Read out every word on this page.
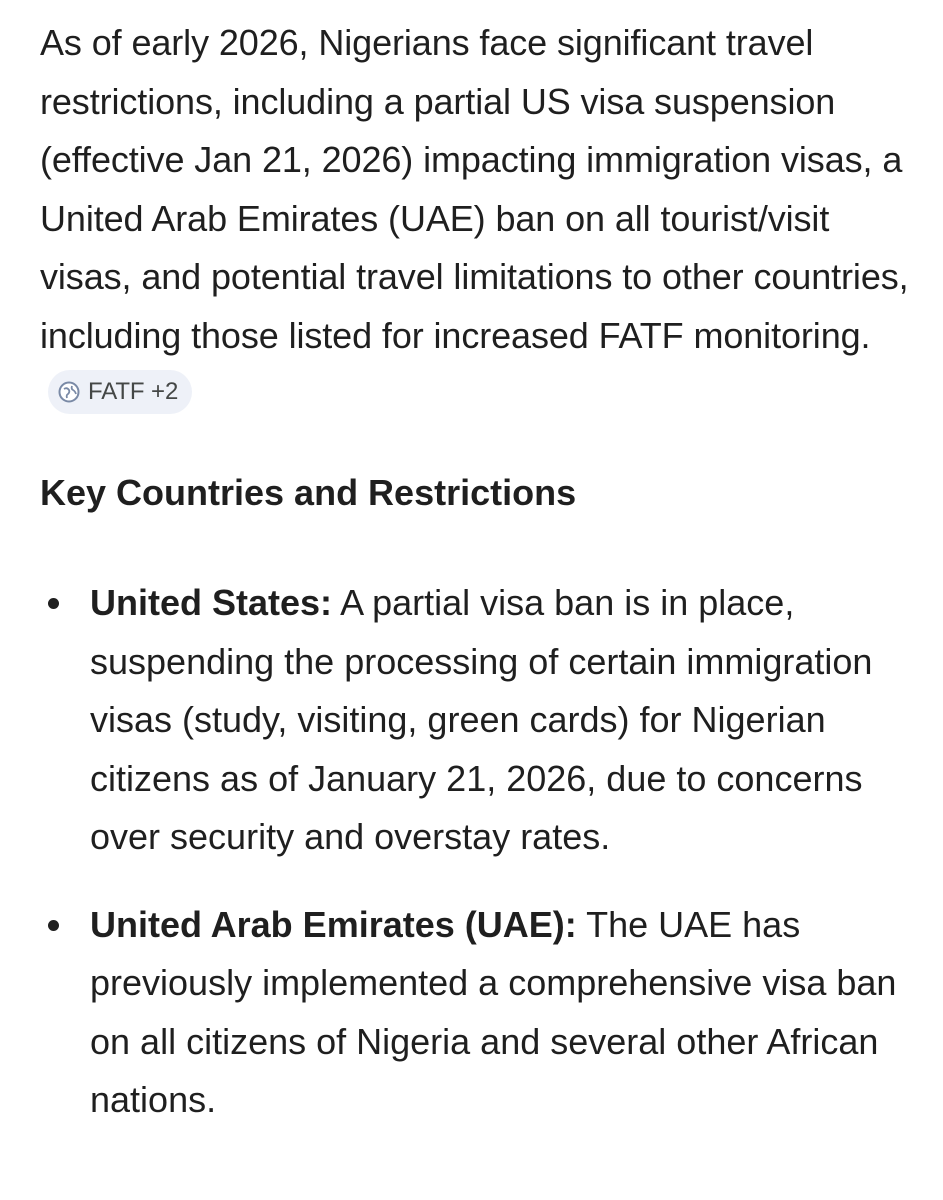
As of early 2026, Nigerians face significant travel restrictions, including a partial US visa suspension (effective Jan 21, 2026) impacting immigration visas, a United Arab Emirates (UAE) ban on all tourist/visit visas, and potential travel limitations to other countries, including those listed for increased FATF monitoring.
FATF +2

Key Countries and Restrictions
United States: A partial visa ban is in place, suspending the processing of certain immigration visas (study, visiting, green cards) for Nigerian citizens as of January 21, 2026, due to concerns over security and overstay rates.
United Arab Emirates (UAE): The UAE has previously implemented a comprehensive visa ban on all citizens of Nigeria and several other African nations.
